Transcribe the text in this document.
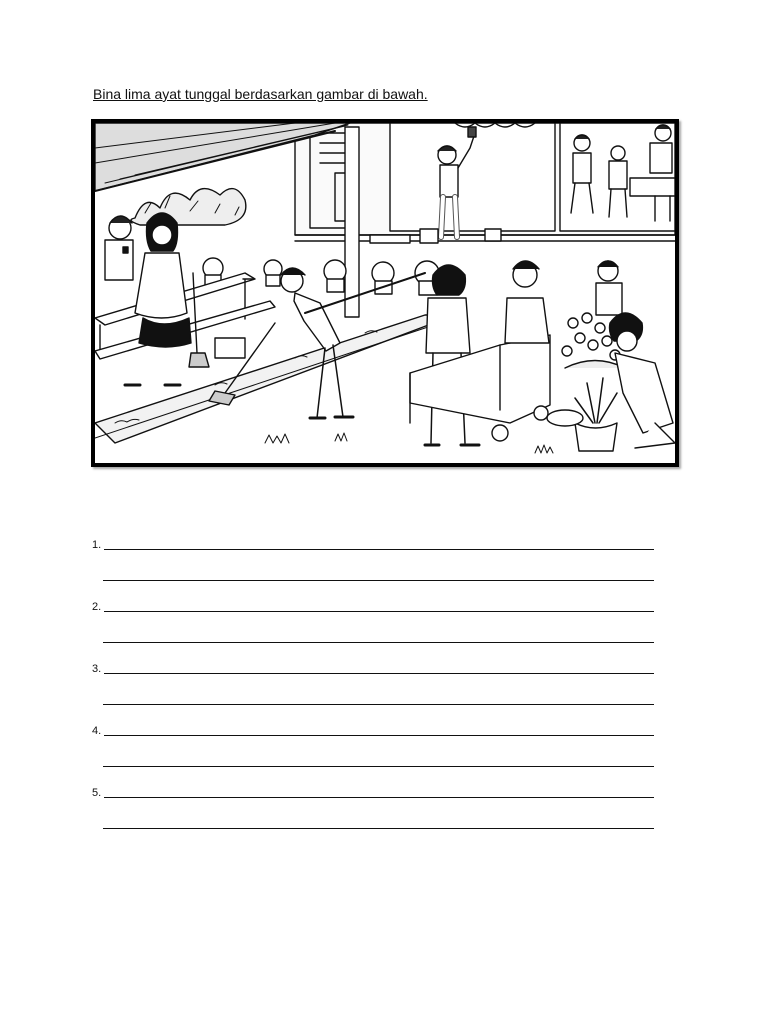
Bina lima ayat tunggal berdasarkan gambar di bawah.
1.
2.
3.
4.
5.
